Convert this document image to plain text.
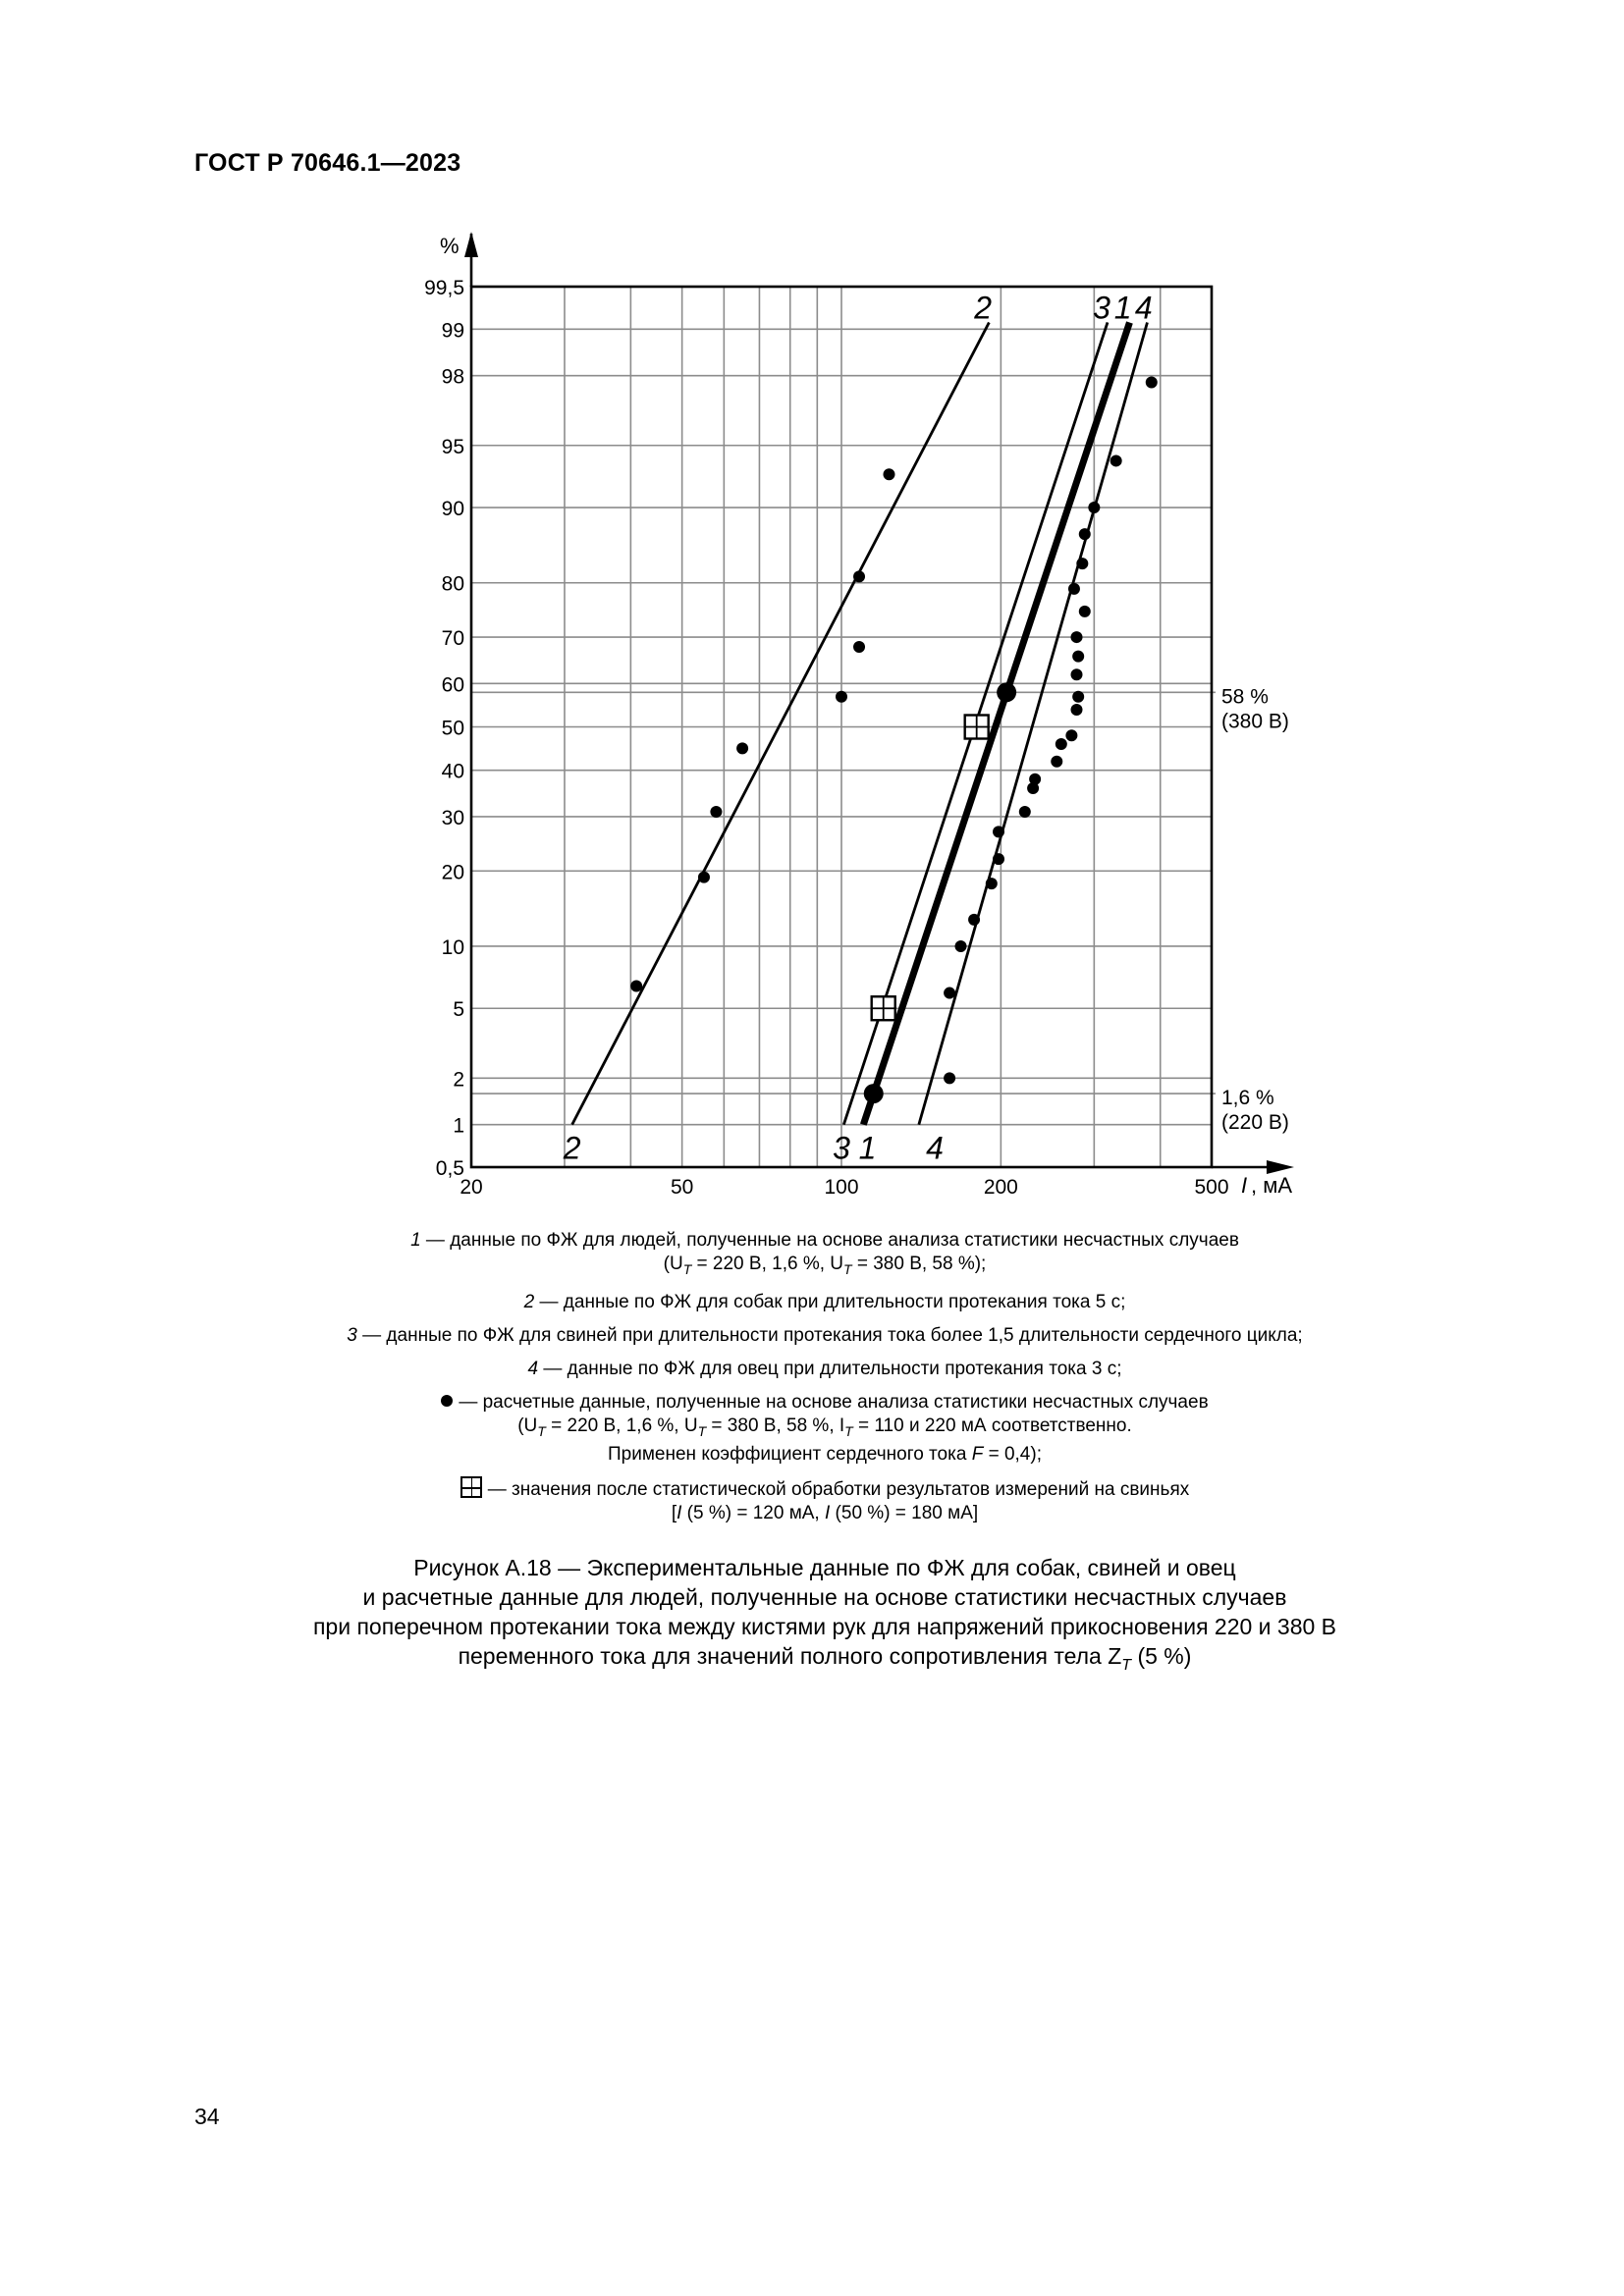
ГОСТ Р 70646.1—2023
58 %
(380 В)
1,6 %
(220 В)
%
I , мА
0,5
1
2
5
10
20
30
40
50
60
70
80
90
95
98
99
99,5
20	50	100	200	500
1
1
2
2
3
3
4
4

1 — данные по ФЖ для людей, полученные на основе анализа статистики несчастных случаев
($U_T = 220$ В, 1,6 %, $U_T = 380$ В, 58 %);

2 — данные по ФЖ для собак при длительности протекания тока 5 с;

3 — данные по ФЖ для свиней при длительности протекания тока более 1,5 длительности сердечного цикла;

4 — данные по ФЖ для овец при длительности протекания тока 3 с;

— расчетные данные, полученные на основе анализа статистики несчастных случаев
($U_T = 220$ В, 1,6 %, $U_T = 380$ В, 58 %, $I_T = 110$ и 220 мА соответственно.
Применен коэффициент сердечного тока F = 0,4);

— значения после статистической обработки результатов измерений на свиньях
[I (5 %) = 120 мА, I (50 %) = 180 мА]

Рисунок А.18 — Экспериментальные данные по ФЖ для собак, свиней и овец
и расчетные данные для людей, полученные на основе статистики несчастных случаев
при поперечном протекании тока между кистями рук для напряжений прикосновения 220 и 380 В
переменного тока для значений полного сопротивления тела $Z_T$ (5 %)
34
